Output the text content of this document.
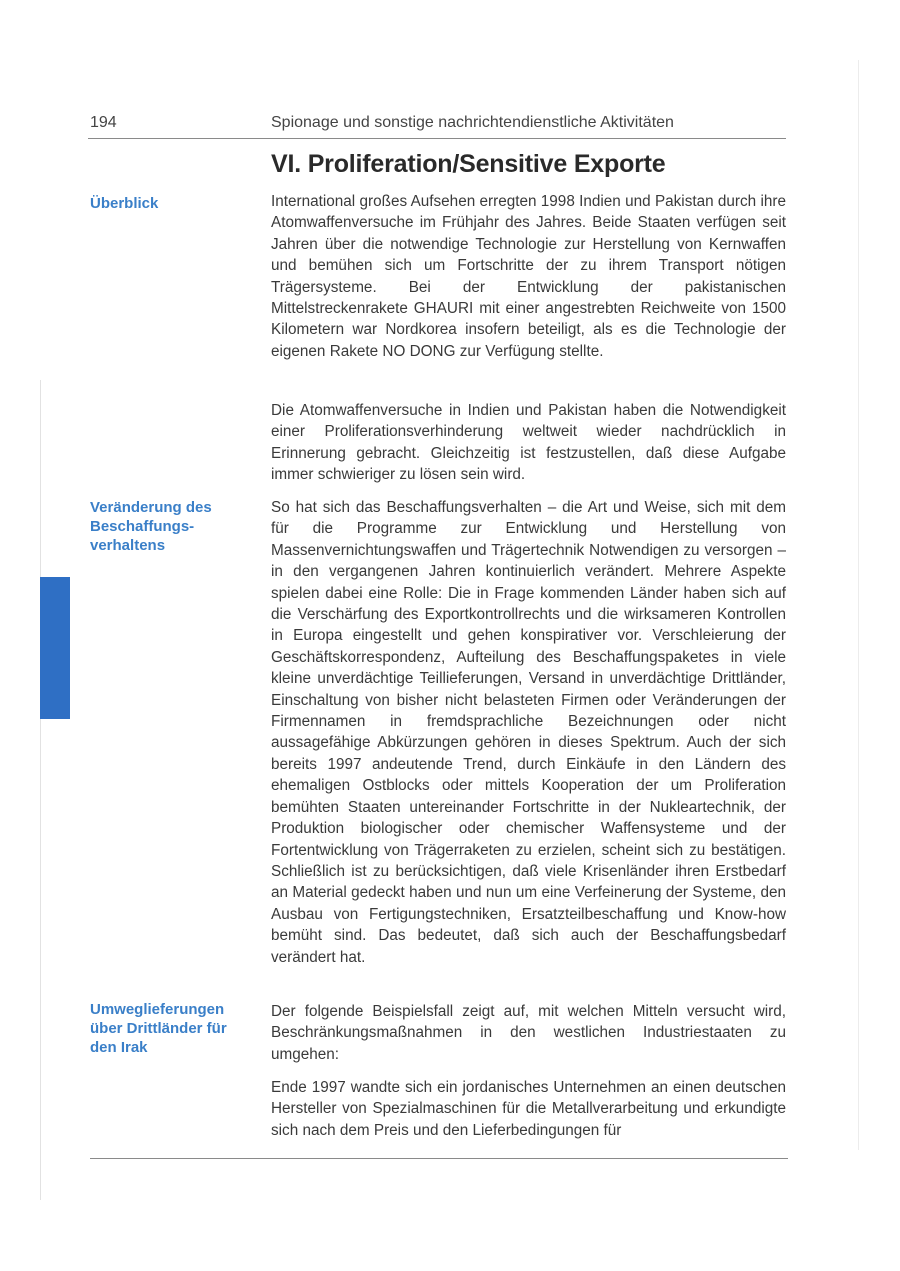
194	Spionage und sonstige nachrichtendienstliche Aktivitäten
VI. Proliferation/Sensitive Exporte
Überblick
Veränderung des Beschaffungs-verhaltens
Umweglieferungen über Drittländer für den Irak

International großes Aufsehen erregten 1998 Indien und Pakistan durch ihre Atomwaffenversuche im Frühjahr des Jahres. Beide Staaten verfügen seit Jahren über die notwendige Technologie zur Herstellung von Kernwaffen und bemühen sich um Fortschritte der zu ihrem Transport nötigen Trägersysteme. Bei der Entwicklung der pakistanischen Mittelstreckenrakete GHAURI mit einer angestrebten Reichweite von 1500 Kilometern war Nordkorea insofern beteiligt, als es die Technologie der eigenen Rakete NO DONG zur Verfügung stellte.

Die Atomwaffenversuche in Indien und Pakistan haben die Notwendigkeit einer Proliferationsverhinderung weltweit wieder nachdrücklich in Erinnerung gebracht. Gleichzeitig ist festzustellen, daß diese Aufgabe immer schwieriger zu lösen sein wird.

So hat sich das Beschaffungsverhalten – die Art und Weise, sich mit dem für die Programme zur Entwicklung und Herstellung von Massenvernichtungswaffen und Trägertechnik Notwendigen zu versorgen – in den vergangenen Jahren kontinuierlich verändert. Mehrere Aspekte spielen dabei eine Rolle: Die in Frage kommenden Länder haben sich auf die Verschärfung des Exportkontrollrechts und die wirksameren Kontrollen in Europa eingestellt und gehen konspirativer vor. Verschleierung der Geschäftskorrespondenz, Aufteilung des Beschaffungspaketes in viele kleine unverdächtige Teillieferungen, Versand in unverdächtige Drittländer, Einschaltung von bisher nicht belasteten Firmen oder Veränderungen der Firmennamen in fremdsprachliche Bezeichnungen oder nicht aussagefähige Abkürzungen gehören in dieses Spektrum. Auch der sich bereits 1997 andeutende Trend, durch Einkäufe in den Ländern des ehemaligen Ostblocks oder mittels Kooperation der um Proliferation bemühten Staaten untereinander Fortschritte in der Nukleartechnik, der Produktion biologischer oder chemischer Waffensysteme und der Fortentwicklung von Trägerraketen zu erzielen, scheint sich zu bestätigen. Schließlich ist zu berücksichtigen, daß viele Krisenländer ihren Erstbedarf an Material gedeckt haben und nun um eine Verfeinerung der Systeme, den Ausbau von Fertigungstechniken, Ersatzteilbeschaffung und Know-how bemüht sind. Das bedeutet, daß sich auch der Beschaffungsbedarf verändert hat.

Der folgende Beispielsfall zeigt auf, mit welchen Mitteln versucht wird, Beschränkungsmaßnahmen in den westlichen Industriestaaten zu umgehen:

Ende 1997 wandte sich ein jordanisches Unternehmen an einen deutschen Hersteller von Spezialmaschinen für die Metallverarbeitung und erkundigte sich nach dem Preis und den Lieferbedingungen für
